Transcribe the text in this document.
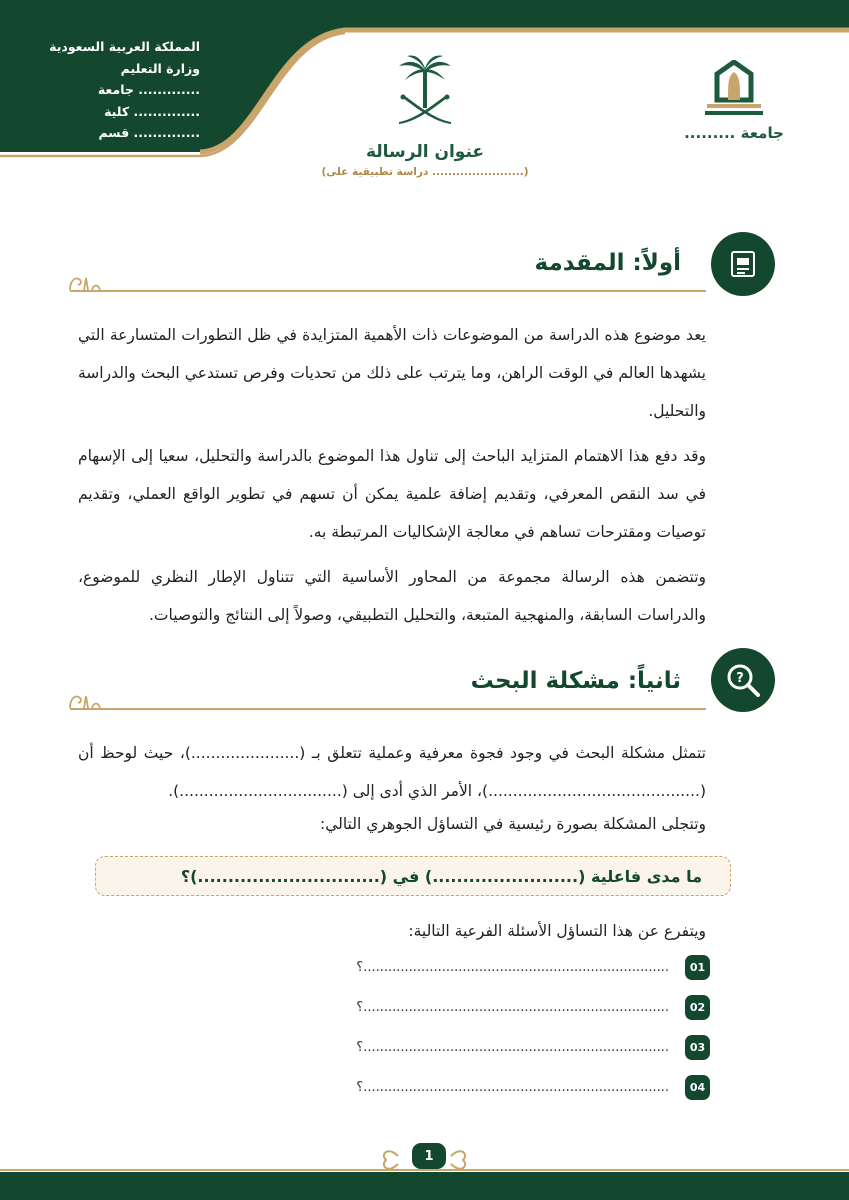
المملكة العربية السعودية
وزارة التعليم
جامعة .............
كلية ..............
قسم ..............
عنوان الرسالة
(دراسة تطبيقية على .......................)
جامعة .........
أولاً: المقدمة

يعد موضوع هذه الدراسة من الموضوعات ذات الأهمية المتزايدة في ظل التطورات المتسارعة التي يشهدها العالم في الوقت الراهن، وما يترتب على ذلك من تحديات وفرص تستدعي البحث والدراسة والتحليل.

وقد دفع هذا الاهتمام المتزايد الباحث إلى تناول هذا الموضوع بالدراسة والتحليل، سعيا إلى الإسهام في سد النقص المعرفي، وتقديم إضافة علمية يمكن أن تسهم في تطوير الواقع العملي، وتقديم توصيات ومقترحات تساهم في معالجة الإشكاليات المرتبطة به.

وتتضمن هذه الرسالة مجموعة من المحاور الأساسية التي تتناول الإطار النظري للموضوع، والدراسات السابقة، والمنهجية المتبعة، والتحليل التطبيقي، وصولاً إلى النتائج والتوصيات.

?
ثانياً: مشكلة البحث

تتمثل مشكلة البحث في وجود فجوة معرفية وعملية تتعلق بـ (......................)، حيث لوحظ أن (...........................................)، الأمر الذي أدى إلى (.................................).

وتتجلى المشكلة بصورة رئيسية في التساؤل الجوهري التالي:

ما مدى فاعلية (........................) في (..............................)؟
ويتفرع عن هذا التساؤل الأسئلة الفرعية التالية:
..........................................................................؟	01
..........................................................................؟	02
..........................................................................؟	03
..........................................................................؟	04
1
